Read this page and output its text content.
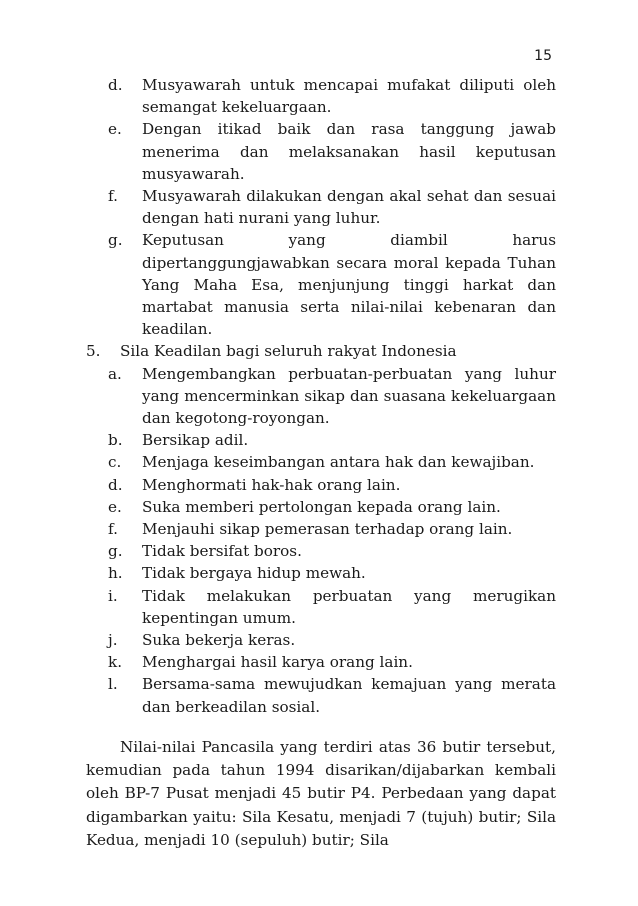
15
d.	Musyawarah untuk mencapai mufakat diliputi oleh semangat kekeluargaan.
e.	Dengan itikad baik dan rasa tanggung jawab menerima dan melaksanakan hasil keputusan musyawarah.
f.	Musyawarah dilakukan dengan akal sehat dan sesuai dengan hati nurani yang luhur.
g.	Keputusan yang diambil harus dipertanggungjawabkan secara moral kepada Tuhan Yang Maha Esa, menjunjung tinggi harkat dan martabat manusia serta nilai-nilai kebenaran dan keadilan.
5.	Sila Keadilan bagi seluruh rakyat Indonesia
a.	Mengembangkan perbuatan-perbuatan yang luhur yang mencerminkan sikap dan suasana kekeluargaan dan kegotong-royongan.
b.	Bersikap adil.
c.	Menjaga keseimbangan antara hak dan kewajiban.
d.	Menghormati hak-hak orang lain.
e.	Suka memberi pertolongan kepada orang lain.
f.	Menjauhi sikap pemerasan terhadap orang lain.
g.	Tidak bersifat boros.
h.	Tidak bergaya hidup mewah.
i.	Tidak melakukan perbuatan yang merugikan kepentingan umum.
j.	Suka bekerja keras.
k.	Menghargai hasil karya orang lain.
l.	Bersama-sama mewujudkan kemajuan yang merata dan berkeadilan sosial.
Nilai-nilai Pancasila yang terdiri atas 36 butir tersebut, kemudian pada tahun 1994 disarikan/dijabarkan kembali oleh BP-7 Pusat menjadi 45 butir P4. Perbedaan yang dapat digambarkan yaitu: Sila Kesatu, menjadi 7 (tujuh) butir; Sila Kedua, menjadi 10 (sepuluh) butir; Sila
